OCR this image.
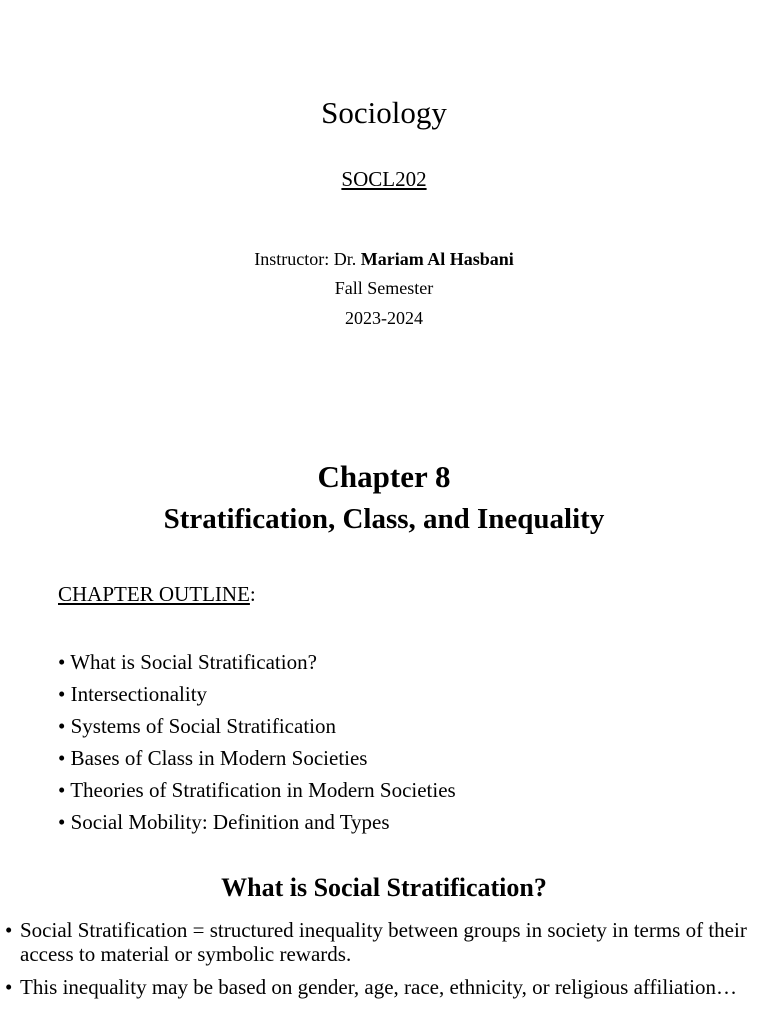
Sociology
SOCL202
Instructor: Dr. Mariam Al Hasbani
Fall Semester
2023-2024
Chapter 8
Stratification, Class, and Inequality
CHAPTER OUTLINE:
• What is Social Stratification?
• Intersectionality
• Systems of Social Stratification
• Bases of Class in Modern Societies
• Theories of Stratification in Modern Societies
• Social Mobility: Definition and Types
What is Social Stratification?
• Social Stratification = structured inequality between groups in society in terms of their access to material or symbolic rewards.
• This inequality may be based on gender, age, race, ethnicity, or religious affiliation…
